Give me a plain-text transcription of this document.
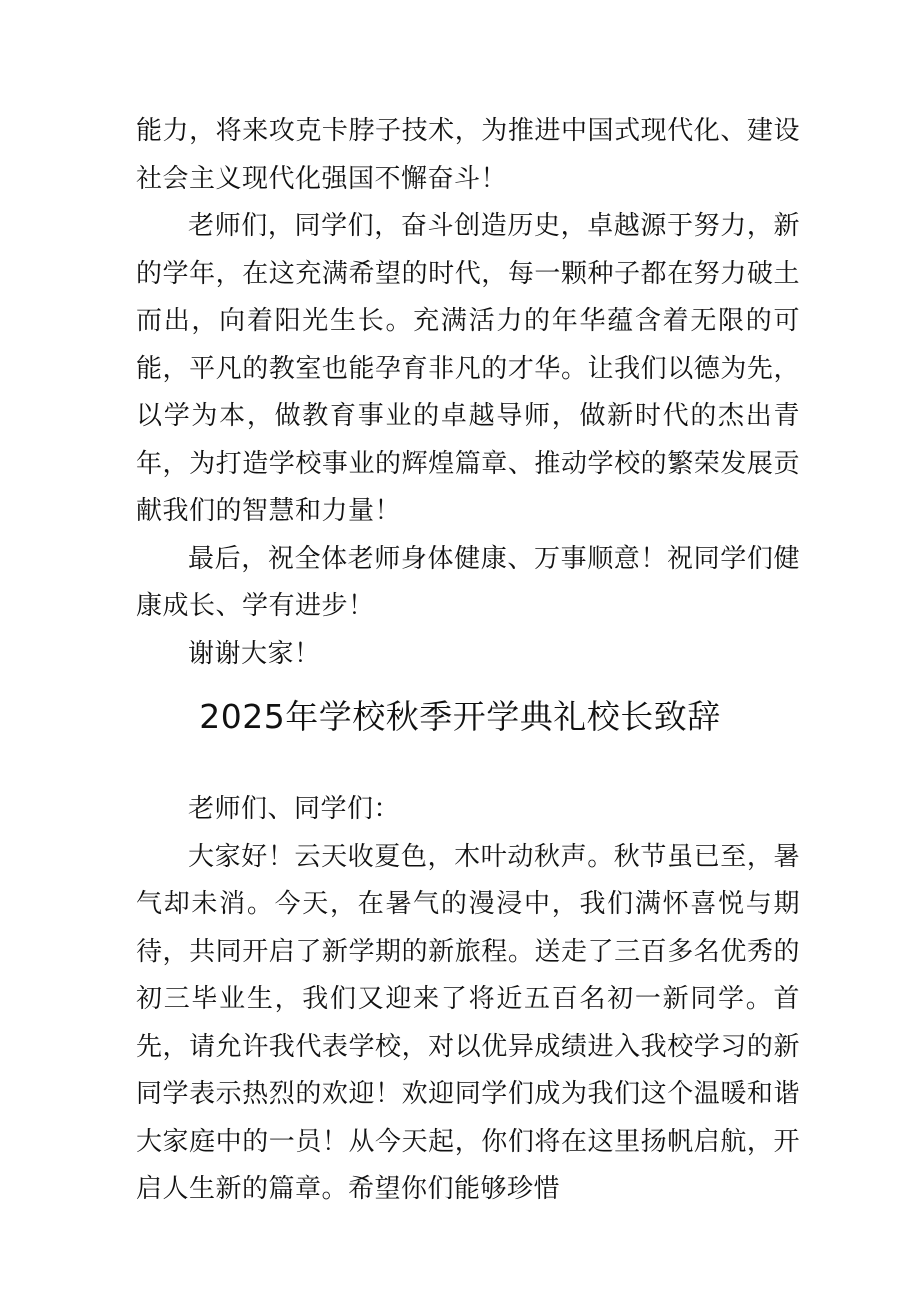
能力，将来攻克卡脖子技术，为推进中国式现代化、建设社会主义现代化强国不懈奋斗！

老师们，同学们，奋斗创造历史，卓越源于努力，新的学年，在这充满希望的时代，每一颗种子都在努力破土而出，向着阳光生长。充满活力的年华蕴含着无限的可能，平凡的教室也能孕育非凡的才华。让我们以德为先，以学为本，做教育事业的卓越导师，做新时代的杰出青年，为打造学校事业的辉煌篇章、推动学校的繁荣发展贡献我们的智慧和力量！

最后，祝全体老师身体健康、万事顺意！祝同学们健康成长、学有进步！

谢谢大家！

2025年学校秋季开学典礼校长致辞

老师们、同学们：

大家好！云天收夏色，木叶动秋声。秋节虽已至，暑气却未消。今天，在暑气的漫浸中，我们满怀喜悦与期待，共同开启了新学期的新旅程。送走了三百多名优秀的初三毕业生，我们又迎来了将近五百名初一新同学。首先，请允许我代表学校，对以优异成绩进入我校学习的新同学表示热烈的欢迎！欢迎同学们成为我们这个温暖和谐大家庭中的一员！从今天起，你们将在这里扬帆启航，开启人生新的篇章。希望你们能够珍惜
